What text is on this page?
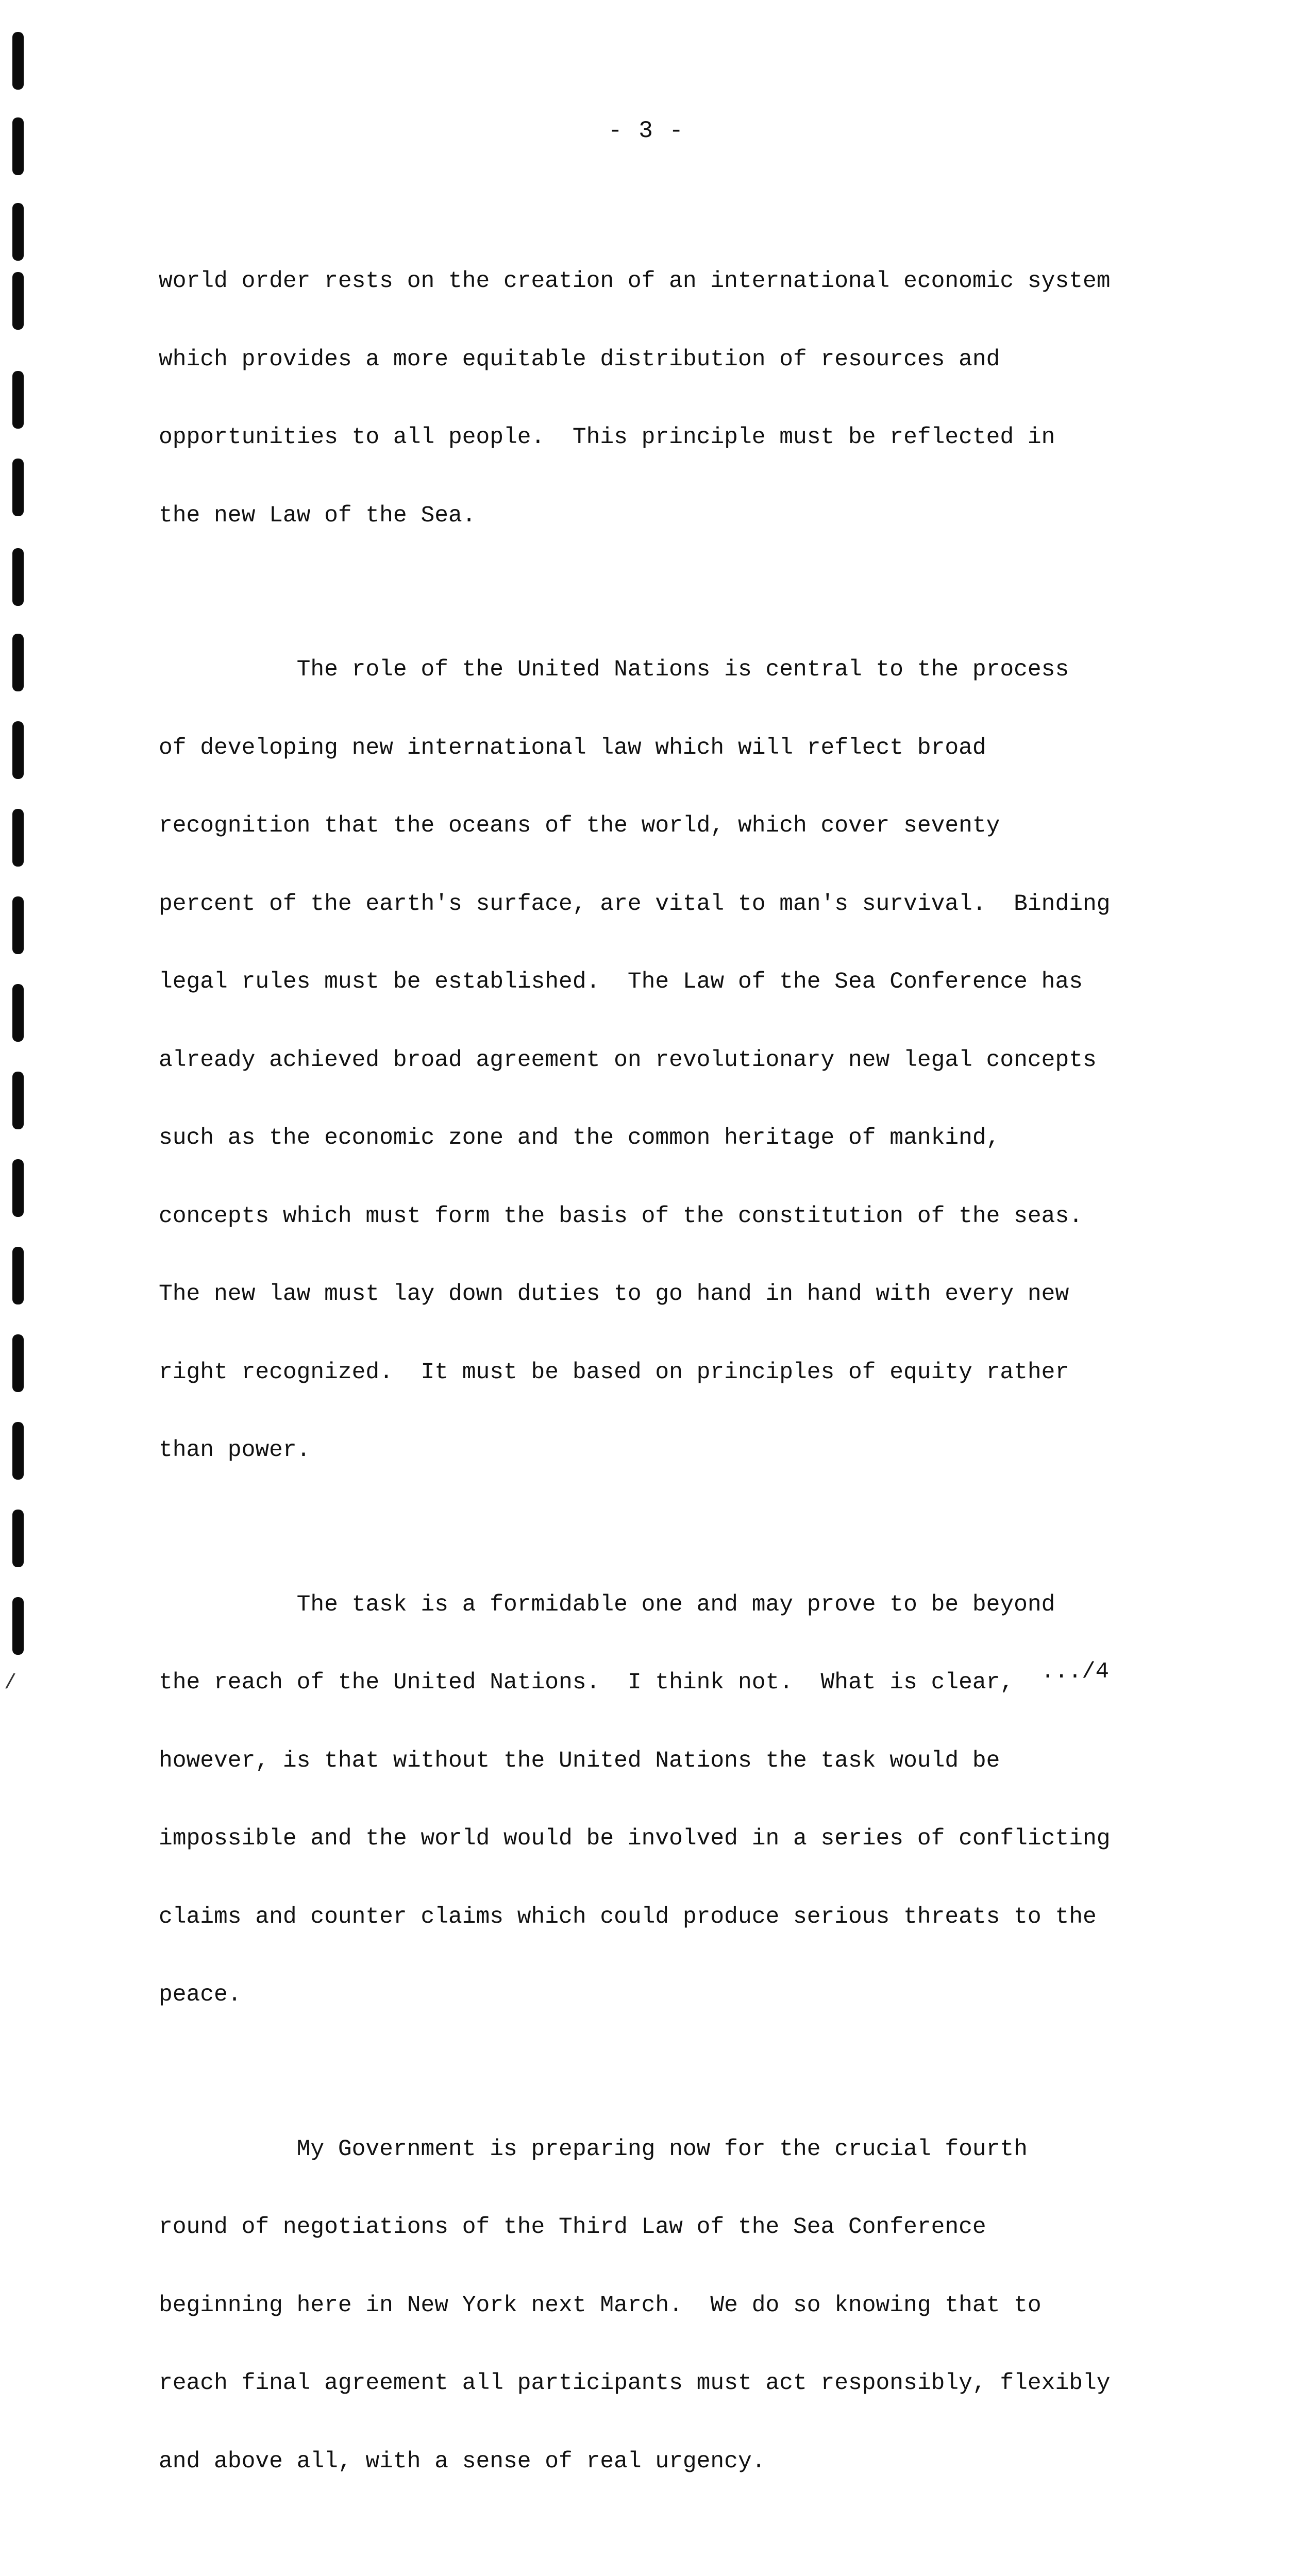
- 3 -

world order rests on the creation of an international economic system

which provides a more equitable distribution of resources and

opportunities to all people.  This principle must be reflected in

the new Law of the Sea.

The role of the United Nations is central to the process

of developing new international law which will reflect broad

recognition that the oceans of the world, which cover seventy

percent of the earth's surface, are vital to man's survival.  Binding

legal rules must be established.  The Law of the Sea Conference has

already achieved broad agreement on revolutionary new legal concepts

such as the economic zone and the common heritage of mankind,

concepts which must form the basis of the constitution of the seas.

The new law must lay down duties to go hand in hand with every new

right recognized.  It must be based on principles of equity rather

than power.

The task is a formidable one and may prove to be beyond

the reach of the United Nations.  I think not.  What is clear,

however, is that without the United Nations the task would be

impossible and the world would be involved in a series of conflicting

claims and counter claims which could produce serious threats to the

peace.

My Government is preparing now for the crucial fourth

round of negotiations of the Third Law of the Sea Conference

beginning here in New York next March.  We do so knowing that to

reach final agreement all participants must act responsibly, flexibly

and above all, with a sense of real urgency.

.../4
/
